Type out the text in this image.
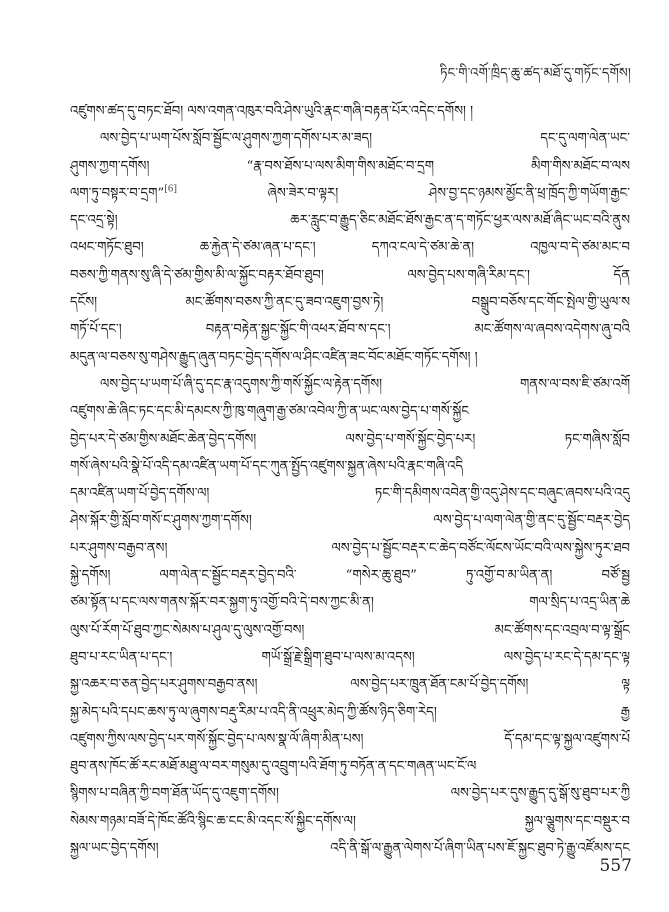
ཏིང་གི་འགོ་ཁྲིད་ཆུ་ཚད་མཐོ་དུ་གཏོང་དགོས།
འཛུགས་ཚད་དུ་བཏང་ཐོབ། ལས་འགན་འཁུར་བའི་ཤེས་ཡུའི་རྣང་གཞི་བརྟན་པོར་འདེང་དགོས། །
ལས་བྱེད་པ་ཡག་པོས་སློབ་སྦྱོང་ལ་ཤུགས་ཀྱག་དགོས་པར་མ་ཟད། དང་དུ་ལག་ལེན་ཡང་
ཤུགས་ཀྱག་དགོས། “རྣ་བས་ཐོས་པ་ལས་མིག་གིས་མཐོང་བ་དྲག མིག་གིས་མཐོང་བ་ལས
ལག་ཏུ་བསྟར་བ་དྲག”[6] ཞེས་ཟེར་བ་ལྟར། ཤེས་བྱ་དང་ཉམས་མྱོང་ནི་ཕྲ་ཁྲོད་ཀྱི་གཡོག་རྒྱང་
དང་འདྲ་སྟེ། ཆར་རླུང་བ་རྒྱུད་ཅིང་མཐོང་ཐོས་རྒྱང་ན་ད་གཏོང་ཕྱར་ལས་མཐོ་ཞིང་ཡང་བའི་ནུས
འཕང་གཏོང་ཐུབ། ཆ་རྐྱེན་དེ་ཙམ་ཞན་པ་དང་། དཀའ་ངལ་དེ་ཙམ་ཆེ་ན། འཁྱལ་བ་དེ་ཙམ་མང་བ
བཅས་ཀྱི་གནས་སུ་ཞི་དེ་ཙམ་གྱིས་མི་ལ་སྐྱོང་བརྟར་ཐོབ་ཐུབ། ལས་བྱེད་པས་གཞི་རིམ་དང་། དོན
དངོས། མང་ཚོགས་བཅས་ཀྱི་ནང་དུ་ཟབ་འཇུག་བྱས་ཏེ། བསྒྲུབ་བཅོས་དང་གོང་སྤེལ་གྱི་ཡུལ་ས
གཏོ་པོ་དང་། བརྟན་བརྟེན་སྐྱང་སྐྱོང་གི་འཕར་ཐོབ་ས་དང་། མང་ཚོགས་ལ་ཞབས་འདེགས་ཞུ་བའི
མདུན་ལ་བཅས་སུ་གཤེས་རྒྱུད་ཞུན་བཏང་བྱེད་དགོས་ལ་ཤིང་འཛིན་ཟང་བོང་མཐོང་གཏོང་དགོས། །
ལས་བྱེད་པ་ཡག་པོ་ཞི་དུ་དང་རྣ་འདུགས་ཀྱི་གསོ་སྐྱོང་ལ་རྟེན་དགོས། གནས་ལ་བས་ཇི་ཙམ་འགོ
འཛུགས་ཆེ་ཞིང་ཏང་དང་མི་དམངས་ཀྱི་ཁུ་གཞུག་རྒྱ་ཙམ་འབེལ་ཀྱི་ན་ཡང་ལས་བྱེད་པ་གསོ་སྐྱོང
བྱེད་པར་དེ་ཙམ་གྱིས་མཐོང་ཆེན་བྱེད་དགོས། ལས་བྱེད་པ་གསོ་སྐྱོང་བྱེད་པར། ཏང་གཞིས་སློབ
གསོ་ཞེས་པའི་སྣེ་པོ་འདི་དམ་འཛིན་ཡག་པོ་དང་ཀུན་སྤྱོད་འཛུགས་སྐྱན་ཞེས་པའི་རྣང་གཞི་འདི
དམ་འཛིན་ཡག་པོ་བྱེད་དགོས་ལ། ཏང་གི་དམིགས་འབེན་གྱི་འདུ་ཤེས་དང་བཞུང་ཞབས་པའི་འདུ
ཤེས་སྐོར་གྱི་སློབ་གསོ་ང་ཤུགས་ཀྱག་དགོས། ལས་བྱེད་པ་ལག་ལེན་གྱི་ནང་དུ་སྦྱོང་བརྡར་བྱེད
པར་ཤུགས་བརྒྱབ་ནས། ལས་བྱེད་པ་སྦྱོང་བརྡར་ང་ཆེད་བཙོང་ལོངས་ཡོང་བའི་ལས་སྐྱེས་ཏུར་ཐབ
སྐྱེ་དགོས། ལག་ལེན་ང་སྦྱོང་བརྡར་བྱེད་བའི་ “གསེར་ཆུ་ཐུབ” ཏུ་འགྱོ་བ་མ་ཡིན་ན། བཙོ་སྦྱ
ཙམ་སྟོན་པ་དང་ལས་གནས་སྐོར་བར་སྐྱག་ཏུ་འགྱོ་བའི་དེ་བས་ཀྱང་མི་ན། གལ་སྲིད་པ་འདྲ་ཡིན་ཆེ
ལུས་པོ་རོག་པོ་ཐུབ་ཀྱང་སེམས་པ་ཤུལ་དུ་ལུས་འགྱོ་བས། མང་ཚོགས་དང་འབྲལ་བ་ལྟ་སྒྲོང
ཐུབ་པ་རང་ཡིན་པ་དང་། གཡོ་སྒྲོ་རྗེ་སྒྲིག་ཐུབ་པ་ལས་མ་འདས། ལས་བྱེད་པ་རང་དེ་དམ་དང་ལྟ
སྐྱ་འཆར་བ་ཅན་བྱེད་པར་ཤུགས་བརྒྱབ་ནས། ལས་བྱེད་པར་ཁྲུན་ཐོན་ངམ་པོ་བྱེད་དགོས། ལྟ
སྐྱ་མེད་པའི་དཔང་ཆས་ཏུ་ལ་ཞུགས་བརྡུ་རིམ་པ་འདི་ནི་འཕྲུར་མེད་ཀྱི་ཚོས་ཉིད་ཅིག་རེད། རྒྱ
འཛུགས་ཀྱིས་ལས་བྱེད་པར་གསོ་སྐྱོང་བྱེད་པ་ལས་སྣ་ལོ་ཞིག་མིན་པས། དོ་དམ་དང་ལྟ་སྐྱལ་འཛུགས་པོ
ཐུབ་ནས་ཁོང་ཚོ་རང་མཐོ་མཐུ་ལ་བར་གསུམ་དུ་འབྲུག་པའི་ཐོག་ཏུ་བཏོན་ན་དང་གཞན་ཡང་ངོ་ལ
སྙིགས་པ་བཞིན་ཀྱི་བག་ཐོན་ཡོད་དུ་འཇུག་དགོས། ལས་བྱེད་པར་དུས་རྒྱུད་དུ་སྒོ་སུ་ཐུབ་པར་ཀྱི
སེམས་གཉམ་བཟོ་དེ་ཁོང་ཚོའི་སྙིང་ཆ་ངང་མི་འདང་སོ་སྐྱིང་དགོས་ལ། སྐྱལ་ལྕུགས་དང་བསྡུར་བ
སྐྱལ་ཡང་བྱེད་དགོས། འདི་ནི་སྒོ་ལ་རྒྱུན་ལེགས་པོ་ཞིག་ཡིན་པས་ཇོ་སྐྱང་ཐུབ་ཏེ་རྒྱུ་འཛོམས་དང
557
